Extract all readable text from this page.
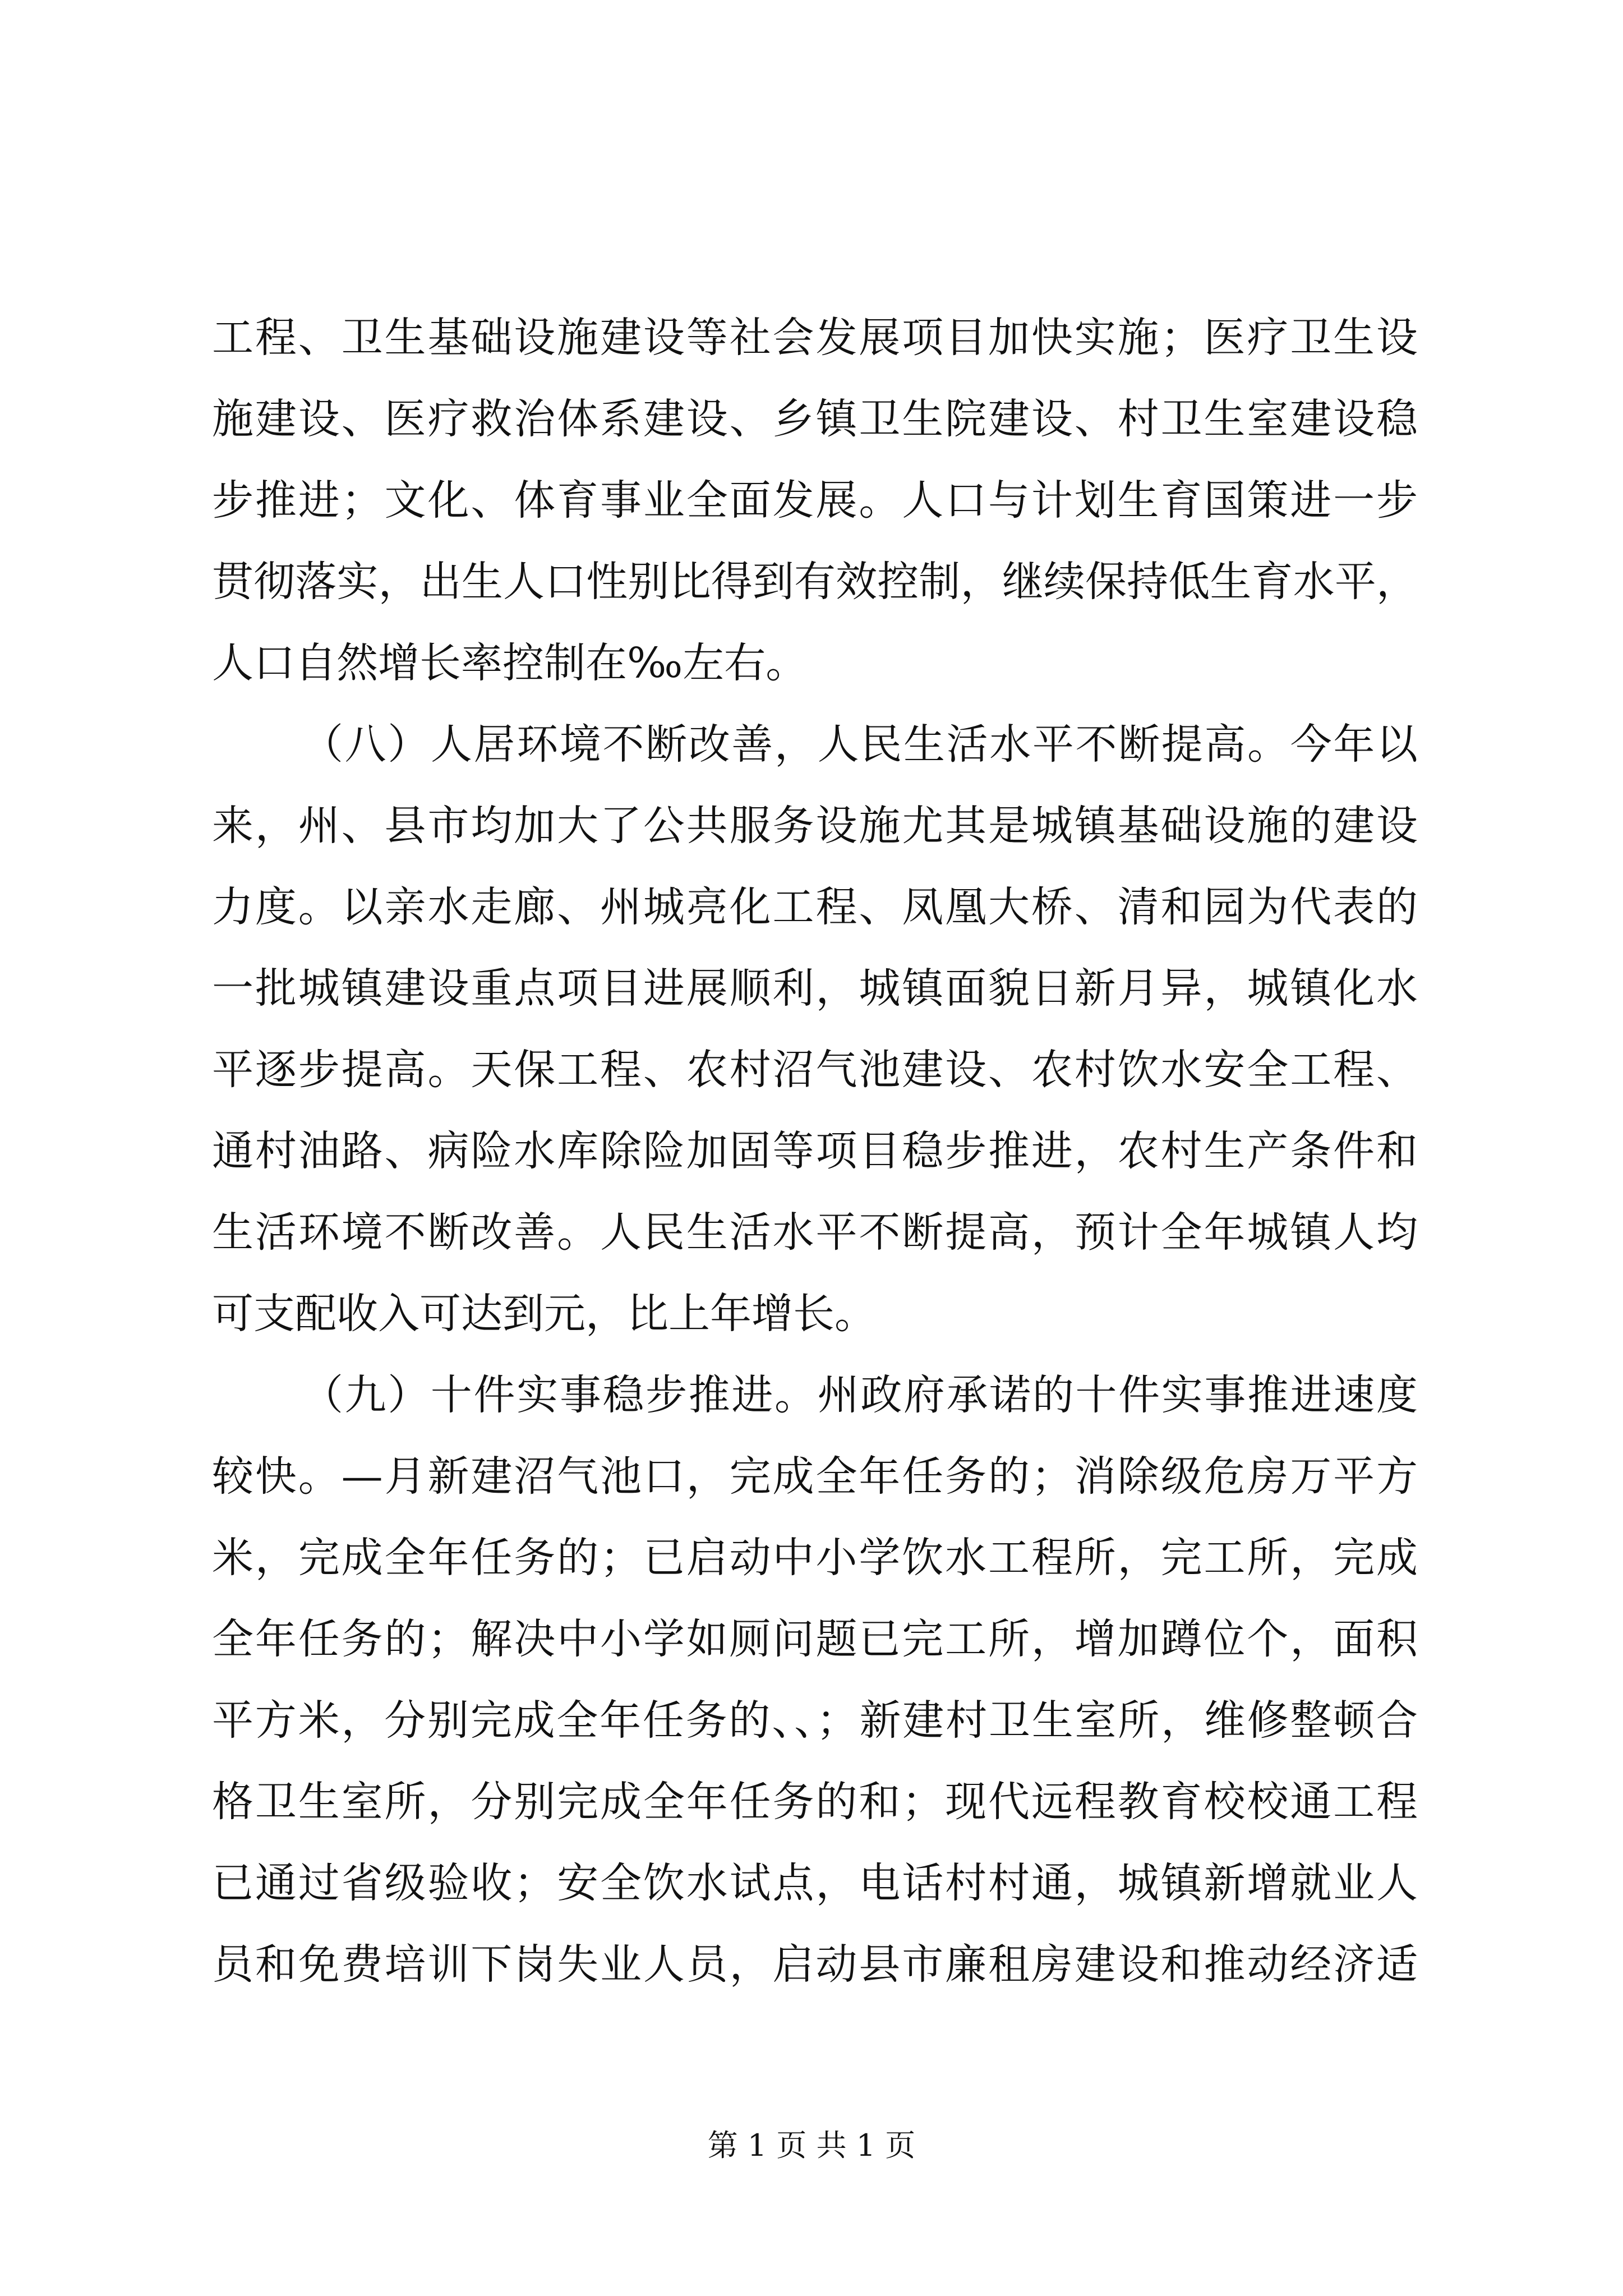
工程、卫生基础设施建设等社会发展项目加快实施；医疗卫生设
施建设、医疗救治体系建设、乡镇卫生院建设、村卫生室建设稳
步推进；文化、体育事业全面发展。人口与计划生育国策进一步
贯彻落实，出生人口性别比得到有效控制，继续保持低生育水平，
人口自然增长率控制在‰左右。
（八）人居环境不断改善，人民生活水平不断提高。今年以
来，州、县市均加大了公共服务设施尤其是城镇基础设施的建设
力度。以亲水走廊、州城亮化工程、凤凰大桥、清和园为代表的
一批城镇建设重点项目进展顺利，城镇面貌日新月异，城镇化水
平逐步提高。天保工程、农村沼气池建设、农村饮水安全工程、
通村油路、病险水库除险加固等项目稳步推进，农村生产条件和
生活环境不断改善。人民生活水平不断提高，预计全年城镇人均
可支配收入可达到元，比上年增长。
（九）十件实事稳步推进。州政府承诺的十件实事推进速度
较快。—月新建沼气池口，完成全年任务的；消除级危房万平方
米，完成全年任务的；已启动中小学饮水工程所，完工所，完成
全年任务的；解决中小学如厕问题已完工所，增加蹲位个，面积
平方米，分别完成全年任务的、、；新建村卫生室所，维修整顿合
格卫生室所，分别完成全年任务的和；现代远程教育校校通工程
已通过省级验收；安全饮水试点，电话村村通，城镇新增就业人
员和免费培训下岗失业人员，启动县市廉租房建设和推动经济适
第 1 页 共 1 页
